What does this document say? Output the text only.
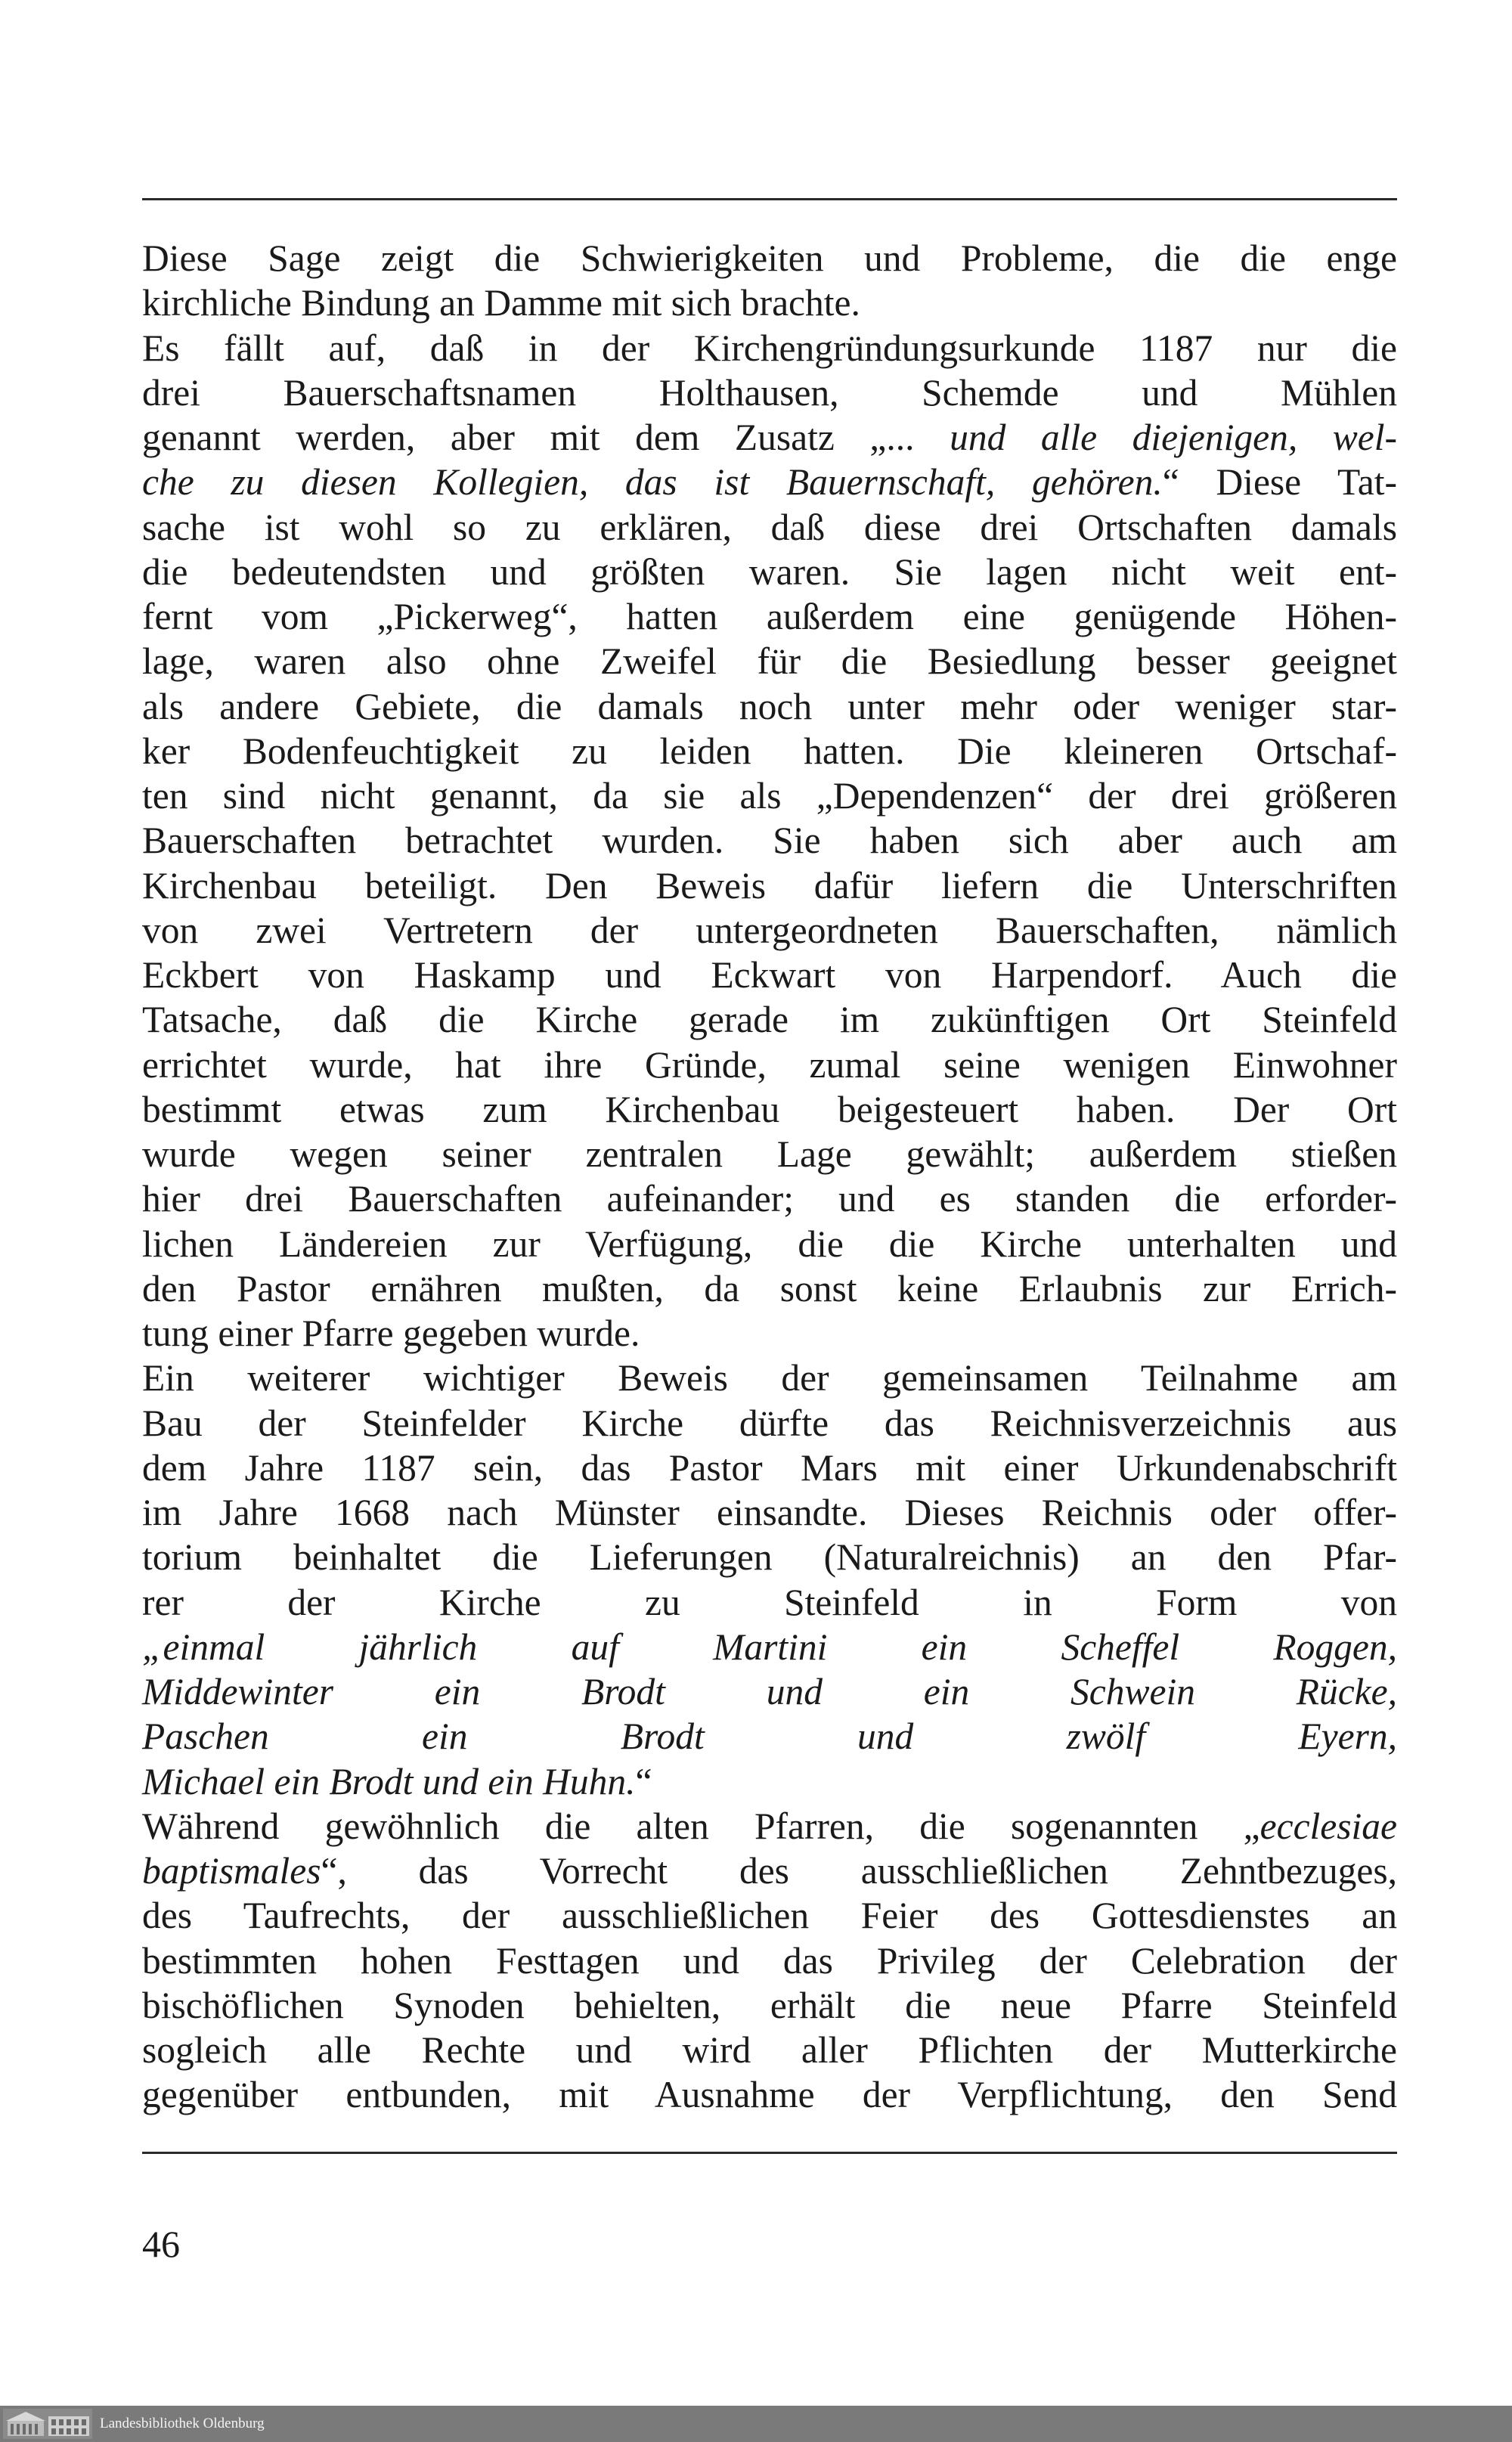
Diese Sage zeigt die Schwierigkeiten und Probleme, die die enge
kirchliche Bindung an Damme mit sich brachte.
Es fällt auf, daß in der Kirchengründungsurkunde 1187 nur die
drei Bauerschaftsnamen Holthausen, Schemde und Mühlen
genannt werden, aber mit dem Zusatz „... und alle diejenigen, wel-
che zu diesen Kollegien, das ist Bauernschaft, gehören.“ Diese Tat-
sache ist wohl so zu erklären, daß diese drei Ortschaften damals
die bedeutendsten und größten waren. Sie lagen nicht weit ent-
fernt vom „Pickerweg“, hatten außerdem eine genügende Höhen-
lage, waren also ohne Zweifel für die Besiedlung besser geeignet
als andere Gebiete, die damals noch unter mehr oder weniger star-
ker Bodenfeuchtigkeit zu leiden hatten. Die kleineren Ortschaf-
ten sind nicht genannt, da sie als „Dependenzen“ der drei größeren
Bauerschaften betrachtet wurden. Sie haben sich aber auch am
Kirchenbau beteiligt. Den Beweis dafür liefern die Unterschriften
von zwei Vertretern der untergeordneten Bauerschaften, nämlich
Eckbert von Haskamp und Eckwart von Harpendorf. Auch die
Tatsache, daß die Kirche gerade im zukünftigen Ort Steinfeld
errichtet wurde, hat ihre Gründe, zumal seine wenigen Einwohner
bestimmt etwas zum Kirchenbau beigesteuert haben. Der Ort
wurde wegen seiner zentralen Lage gewählt; außerdem stießen
hier drei Bauerschaften aufeinander; und es standen die erforder-
lichen Ländereien zur Verfügung, die die Kirche unterhalten und
den Pastor ernähren mußten, da sonst keine Erlaubnis zur Errich-
tung einer Pfarre gegeben wurde.
Ein weiterer wichtiger Beweis der gemeinsamen Teilnahme am
Bau der Steinfelder Kirche dürfte das Reichnisverzeichnis aus
dem Jahre 1187 sein, das Pastor Mars mit einer Urkundenabschrift
im Jahre 1668 nach Münster einsandte. Dieses Reichnis oder offer-
torium beinhaltet die Lieferungen (Naturalreichnis) an den Pfar-
rer der Kirche zu Steinfeld in Form von
„einmal jährlich auf Martini ein Scheffel Roggen,
Middewinter ein Brodt und ein Schwein Rücke,
Paschen ein Brodt und zwölf Eyern,
Michael ein Brodt und ein Huhn.“
Während gewöhnlich die alten Pfarren, die sogenannten „ecclesiae
baptismales“, das Vorrecht des ausschließlichen Zehntbezuges,
des Taufrechts, der ausschließlichen Feier des Gottesdienstes an
bestimmten hohen Festtagen und das Privileg der Celebration der
bischöflichen Synoden behielten, erhält die neue Pfarre Steinfeld
sogleich alle Rechte und wird aller Pflichten der Mutterkirche
gegenüber entbunden, mit Ausnahme der Verpflichtung, den Send
46
Landesbibliothek Oldenburg
